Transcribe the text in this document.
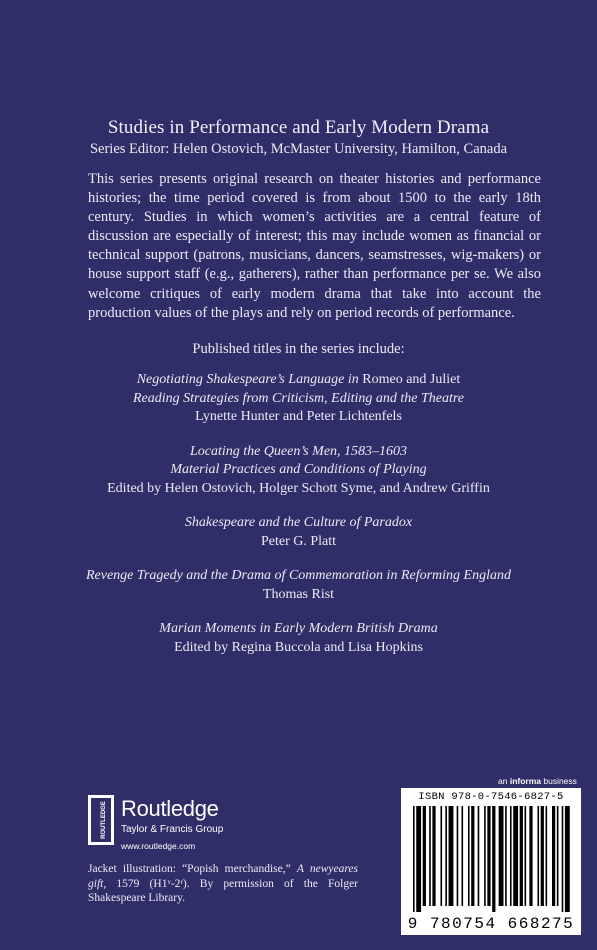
Studies in Performance and Early Modern Drama
Series Editor: Helen Ostovich, McMaster University, Hamilton, Canada
This series presents original research on theater histories and performance histories; the time period covered is from about 1500 to the early 18th century. Studies in which women’s activities are a central feature of discussion are especially of interest; this may include women as financial or technical support (patrons, musicians, dancers, seamstresses, wig-makers) or house support staff (e.g., gatherers), rather than performance per se. We also welcome critiques of early modern drama that take into account the production values of the plays and rely on period records of performance.
Published titles in the series include:
Negotiating Shakespeare’s Language in Romeo and Juliet
Reading Strategies from Criticism, Editing and the Theatre
Lynette Hunter and Peter Lichtenfels
Locating the Queen’s Men, 1583–1603
Material Practices and Conditions of Playing
Edited by Helen Ostovich, Holger Schott Syme, and Andrew Griffin
Shakespeare and the Culture of Paradox
Peter G. Platt
Revenge Tragedy and the Drama of Commemoration in Reforming England
Thomas Rist
Marian Moments in Early Modern British Drama
Edited by Regina Buccola and Lisa Hopkins
an informa business
ISBN 978-0-7546-6827-5
9 780754 668275
ROUTLEDGE Routledge
Taylor & Francis Group
www.routledge.com
Jacket illustration: “Popish merchandise,” A newyeares gift, 1579 (H1ᵛ-2ʳ). By permission of the Folger Shakespeare Library.
